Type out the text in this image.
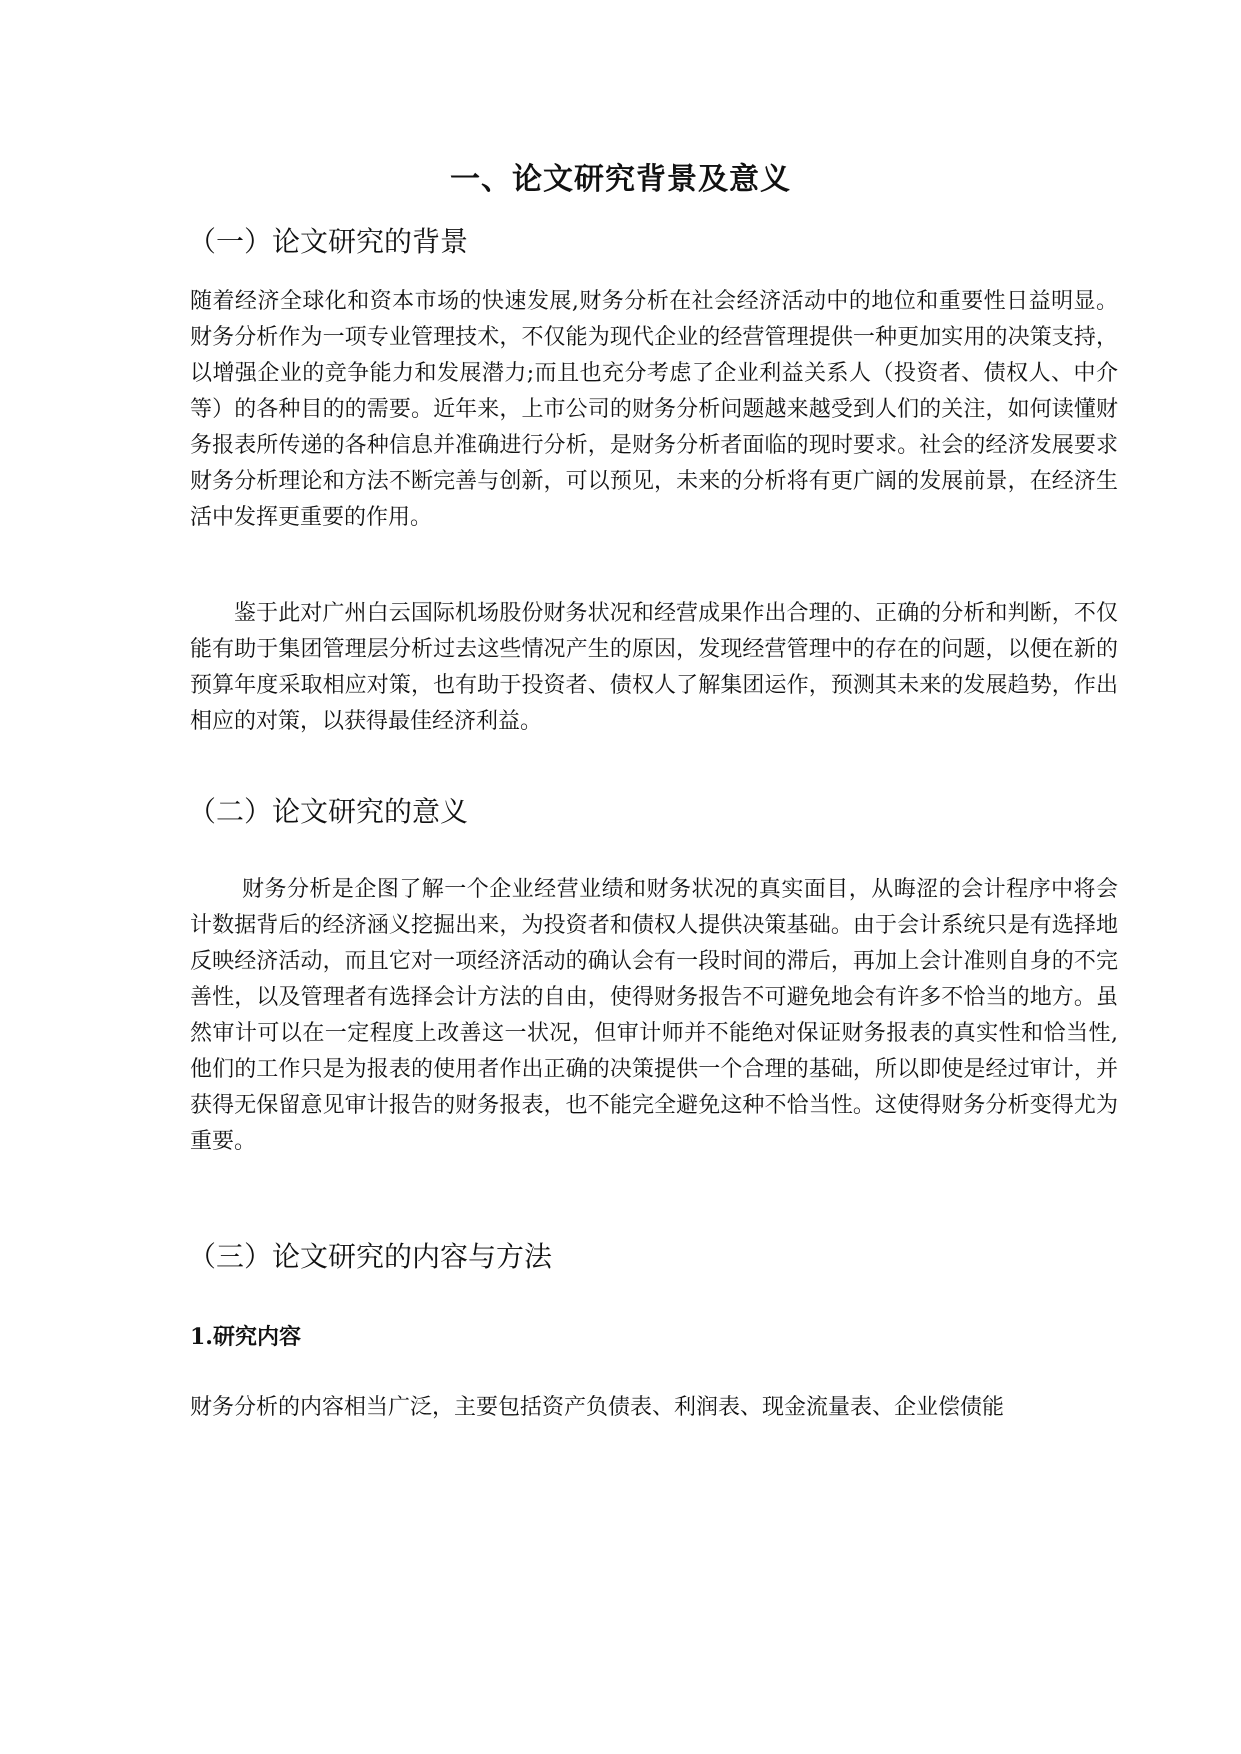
一、论文研究背景及意义
（一）论文研究的背景

随着经济全球化和资本市场的快速发展,财务分析在社会经济活动中的地位和重要性日益明显。财务分析作为一项专业管理技术，不仅能为现代企业的经营管理提供一种更加实用的决策支持，以增强企业的竞争能力和发展潜力;而且也充分考虑了企业利益关系人（投资者、债权人、中介等）的各种目的的需要。近年来，上市公司的财务分析问题越来越受到人们的关注，如何读懂财务报表所传递的各种信息并准确进行分析，是财务分析者面临的现时要求。社会的经济发展要求财务分析理论和方法不断完善与创新，可以预见，未来的分析将有更广阔的发展前景，在经济生活中发挥更重要的作用。

鉴于此对广州白云国际机场股份财务状况和经营成果作出合理的、正确的分析和判断，不仅能有助于集团管理层分析过去这些情况产生的原因，发现经营管理中的存在的问题，以便在新的预算年度采取相应对策，也有助于投资者、债权人了解集团运作，预测其未来的发展趋势，作出相应的对策，以获得最佳经济利益。

（二）论文研究的意义

财务分析是企图了解一个企业经营业绩和财务状况的真实面目，从晦涩的会计程序中将会计数据背后的经济涵义挖掘出来，为投资者和债权人提供决策基础。由于会计系统只是有选择地反映经济活动，而且它对一项经济活动的确认会有一段时间的滞后，再加上会计准则自身的不完善性，以及管理者有选择会计方法的自由，使得财务报告不可避免地会有许多不恰当的地方。虽然审计可以在一定程度上改善这一状况，但审计师并不能绝对保证财务报表的真实性和恰当性,他们的工作只是为报表的使用者作出正确的决策提供一个合理的基础，所以即使是经过审计，并获得无保留意见审计报告的财务报表，也不能完全避免这种不恰当性。这使得财务分析变得尤为重要。

（三）论文研究的内容与方法
1.研究内容

财务分析的内容相当广泛，主要包括资产负债表、利润表、现金流量表、企业偿债能
